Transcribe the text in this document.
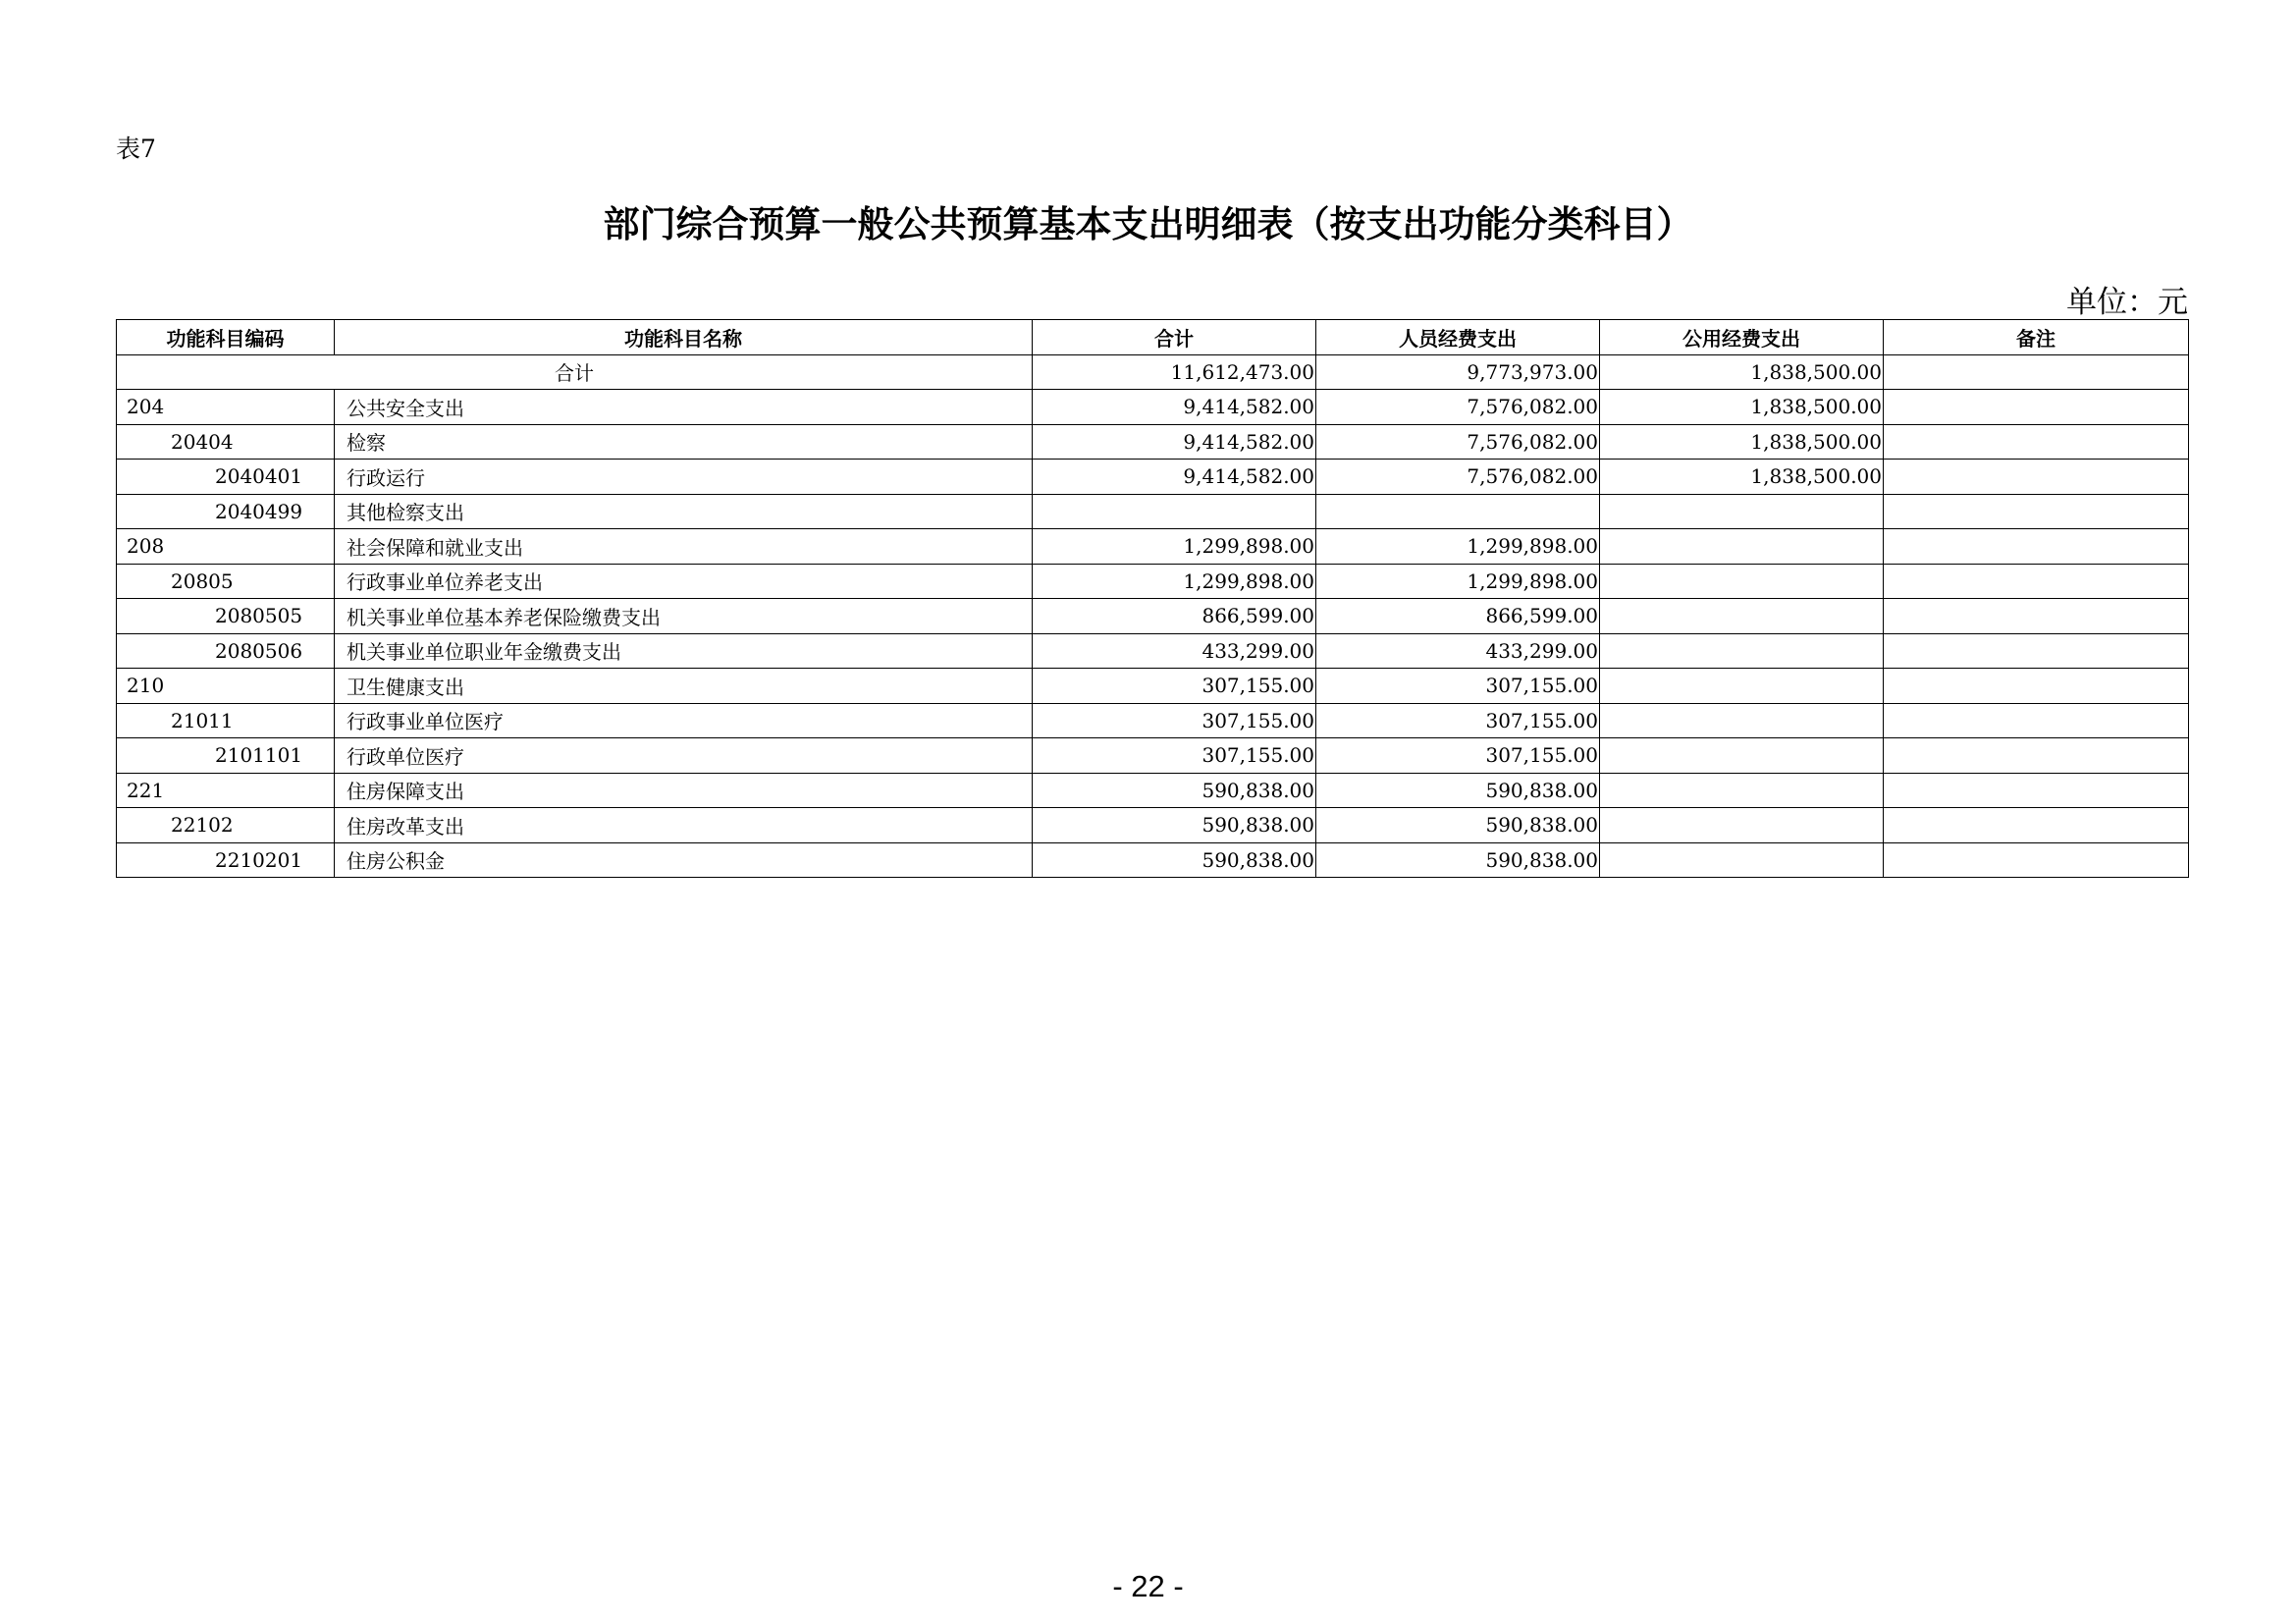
表7
部门综合预算一般公共预算基本支出明细表（按支出功能分类科目）
单位：元
功能科目编码	功能科目名称	合计	人员经费支出	公用经费支出	备注
合计		11,612,473.00	9,773,973.00	1,838,500.00	
204	公共安全支出	9,414,582.00	7,576,082.00	1,838,500.00	
20404	检察	9,414,582.00	7,576,082.00	1,838,500.00	
2040401	行政运行	9,414,582.00	7,576,082.00	1,838,500.00	
2040499	其他检察支出				
208	社会保障和就业支出	1,299,898.00	1,299,898.00		
20805	行政事业单位养老支出	1,299,898.00	1,299,898.00		
2080505	机关事业单位基本养老保险缴费支出	866,599.00	866,599.00		
2080506	机关事业单位职业年金缴费支出	433,299.00	433,299.00		
210	卫生健康支出	307,155.00	307,155.00		
21011	行政事业单位医疗	307,155.00	307,155.00		
2101101	行政单位医疗	307,155.00	307,155.00		
221	住房保障支出	590,838.00	590,838.00		
22102	住房改革支出	590,838.00	590,838.00		
2210201	住房公积金	590,838.00	590,838.00		
- 22 -
